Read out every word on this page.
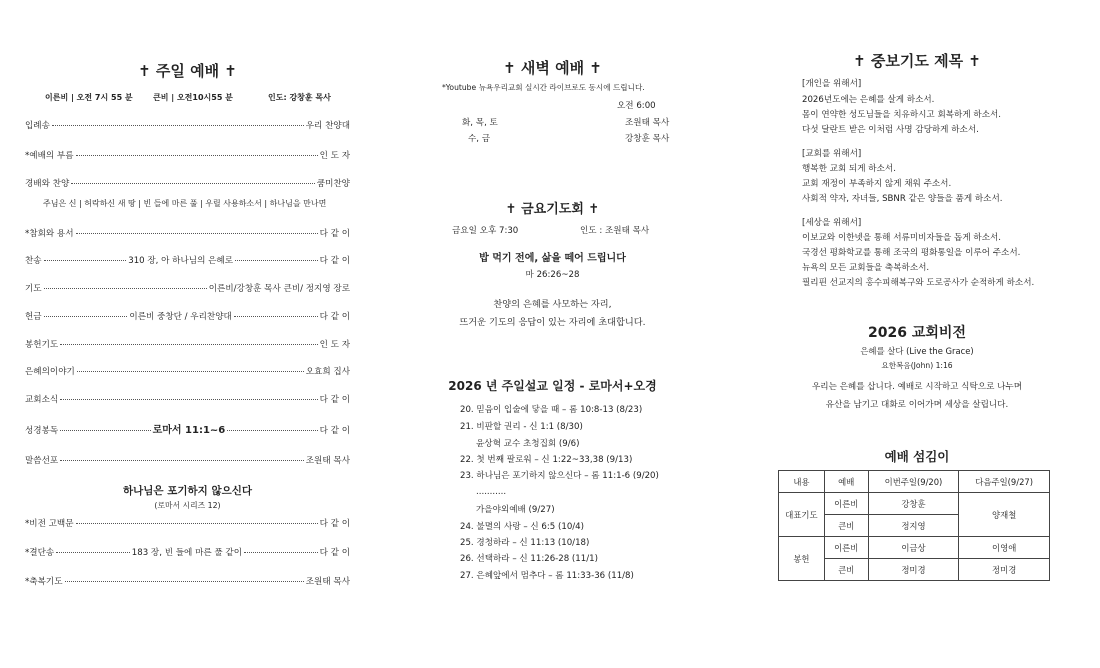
✝ 주일 예배 ✝
이른비 | 오전 7시 55 분	큰비 | 오전10시55 분	인도: 강창훈 목사
입례송	우리 찬양대
*예배의 부름	인 도 자
경배와 찬양	쿰미찬양
주님은 신 | 허락하신 새 땅 | 빈 들에 마른 풀 | 우릴 사용하소서 | 하나님을 만나면
*참회와 용서	다 같 이
찬송	310 장, 아 하나님의 은혜로	다 같 이
기도	이른비/강창훈 목사 큰비/ 정지영 장로
헌금	이른비 중창단 / 우리찬양대	다 같 이
봉헌기도	인 도 자
은혜의이야기	오효희 집사
교회소식	다 같 이
성경봉독	로마서 11:1~6	다 같 이
말씀선포	조원태 목사
하나님은 포기하지 않으신다
(로마서 시리즈 12)
*비전 고백문	다 같 이
*결단송	183 장, 빈 들에 마른 풀 같이	다 같 이
*축복기도	조원태 목사
✝ 새벽 예배 ✝
*Youtube 뉴욕우리교회 실시간 라이브로도 동시에 드립니다.
오전 6:00
화, 목, 토	조원태 목사
수, 금	강창훈 목사
✝ 금요기도회 ✝
금요일 오후 7:30	인도 : 조원태 목사
밥 먹기 전에, 삶을 떼어 드립니다
마 26:26~28
찬양의 은혜를 사모하는 자리,
뜨거운 기도의 응답이 있는 자리에 초대합니다.
2026 년 주일설교 일정 - 로마서+오경
20. 믿음이 입술에 닿을 때 – 롬 10:8-13 (8/23)
21. 비판할 권리 - 신 1:1 (8/30)
윤상혁 교수 초청집회 (9/6)
22. 첫 번째 팔로워 – 신 1:22~33,38 (9/13)
23. 하나님은 포기하지 않으신다 – 롬 11:1-6 (9/20)
...........
가을야외예배 (9/27)
24. 불멸의 사랑 – 신 6:5 (10/4)
25. 경청하라 – 신 11:13 (10/18)
26. 선택하라 – 신 11:26-28 (11/1)
27. 은혜앞에서 멈추다 – 롬 11:33-36 (11/8)
✝ 중보기도 제목 ✝
[개인을 위해서]
2026년도에는 은혜를 살게 하소서.
몸이 연약한 성도님들을 치유하시고 회복하게 하소서.
다섯 달란트 받은 이처럼 사명 감당하게 하소서.
[교회를 위해서]
행복한 교회 되게 하소서.
교회 재정이 부족하지 않게 채워 주소서.
사회적 약자, 자녀들, SBNR 같은 양들을 품게 하소서.
[세상을 위해서]
이보교와 이한넷을 통해 서류미비자들을 돕게 하소서.
국경선 평화학교를 통해 조국의 평화통일을 이루어 주소서.
뉴욕의 모든 교회들을 축복하소서.
필리핀 선교지의 홍수피해복구와 도로공사가 순적하게 하소서.
2026 교회비전
은혜를 살다 (Live the Grace)
요한복음(John) 1:16
우리는 은혜를 삽니다. 예배로 시작하고 식탁으로 나누며
유산을 남기고 대화로 이어가며 세상을 살립니다.
예배 섬김이
내용	예배	이번주일(9/20)	다음주일(9/27)
대표기도	이른비	강창훈	양재철
	큰비	정지영	
봉헌	이른비	이금상	이영애
	큰비	정미경	정미경
